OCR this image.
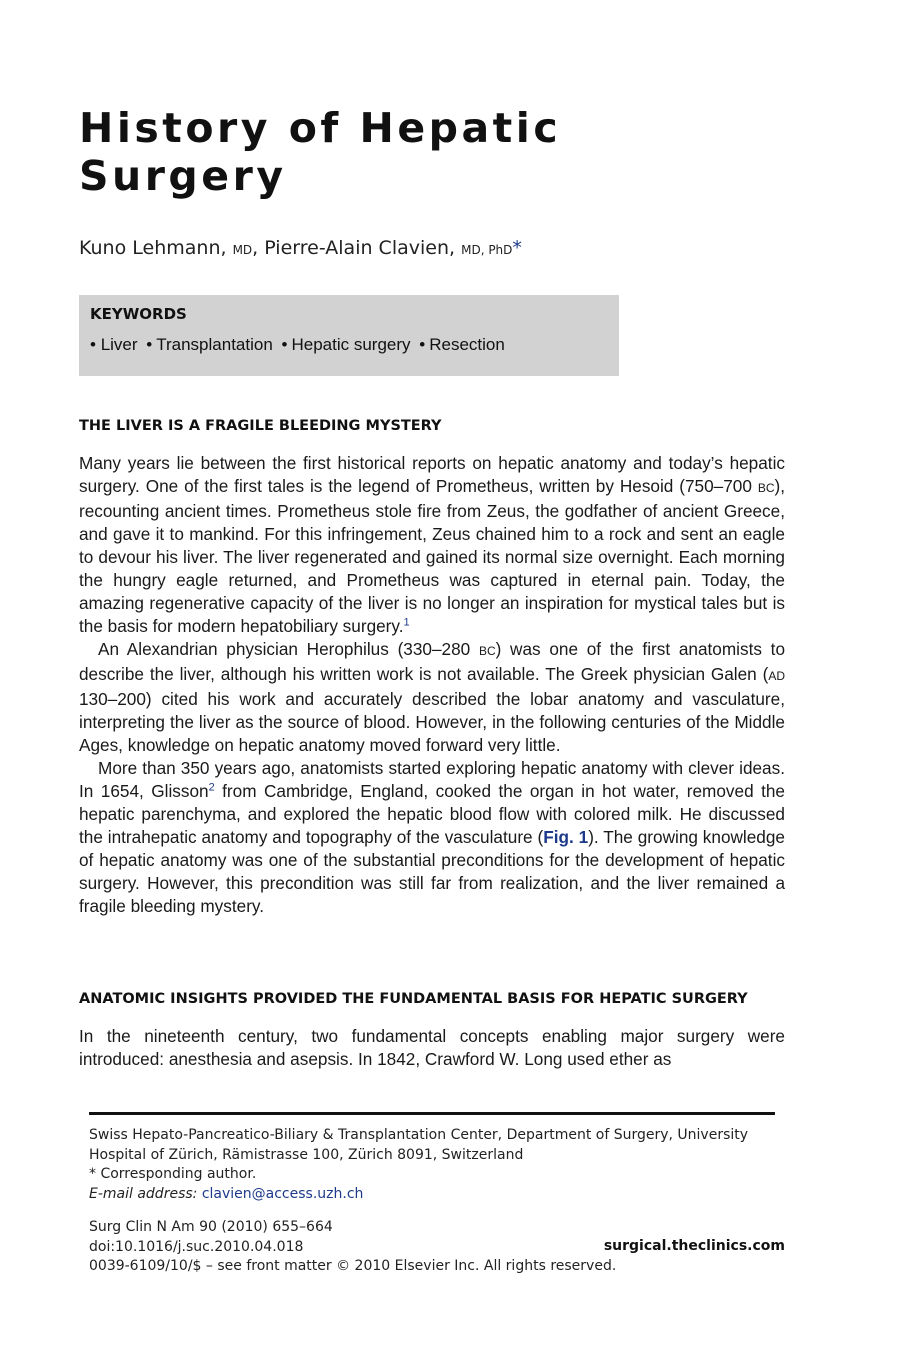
History of Hepatic
Surgery
Kuno Lehmann, MD, Pierre-Alain Clavien, MD, PhD*
KEYWORDS
• Liver • Transplantation • Hepatic surgery • Resection
THE LIVER IS A FRAGILE BLEEDING MYSTERY

Many years lie between the first historical reports on hepatic anatomy and today’s hepatic surgery. One of the first tales is the legend of Prometheus, written by Hesoid (750–700 BC), recounting ancient times. Prometheus stole fire from Zeus, the godfather of ancient Greece, and gave it to mankind. For this infringement, Zeus chained him to a rock and sent an eagle to devour his liver. The liver regenerated and gained its normal size overnight. Each morning the hungry eagle returned, and Prometheus was captured in eternal pain. Today, the amazing regenerative capacity of the liver is no longer an inspiration for mystical tales but is the basis for modern hepatobiliary surgery.$^1$

An Alexandrian physician Herophilus (330–280 BC) was one of the first anatomists to describe the liver, although his written work is not available. The Greek physician Galen (AD 130–200) cited his work and accurately described the lobar anatomy and vasculature, interpreting the liver as the source of blood. However, in the following centuries of the Middle Ages, knowledge on hepatic anatomy moved forward very little.

More than 350 years ago, anatomists started exploring hepatic anatomy with clever ideas. In 1654, Glisson$^2$ from Cambridge, England, cooked the organ in hot water, removed the hepatic parenchyma, and explored the hepatic blood flow with colored milk. He discussed the intrahepatic anatomy and topography of the vasculature (Fig. 1). The growing knowledge of hepatic anatomy was one of the substantial preconditions for the development of hepatic surgery. However, this precondition was still far from realization, and the liver remained a fragile bleeding mystery.

ANATOMIC INSIGHTS PROVIDED THE FUNDAMENTAL BASIS FOR HEPATIC SURGERY

In the nineteenth century, two fundamental concepts enabling major surgery were introduced: anesthesia and asepsis. In 1842, Crawford W. Long used ether as

Swiss Hepato-Pancreatico-Biliary & Transplantation Center, Department of Surgery, University Hospital of Zürich, Rämistrasse 100, Zürich 8091, Switzerland
* Corresponding author.
E-mail address: clavien@access.uzh.ch
Surg Clin N Am 90 (2010) 655–664
doi:10.1016/j.suc.2010.04.018
0039-6109/10/$ – see front matter © 2010 Elsevier Inc. All rights reserved.
surgical.theclinics.com
